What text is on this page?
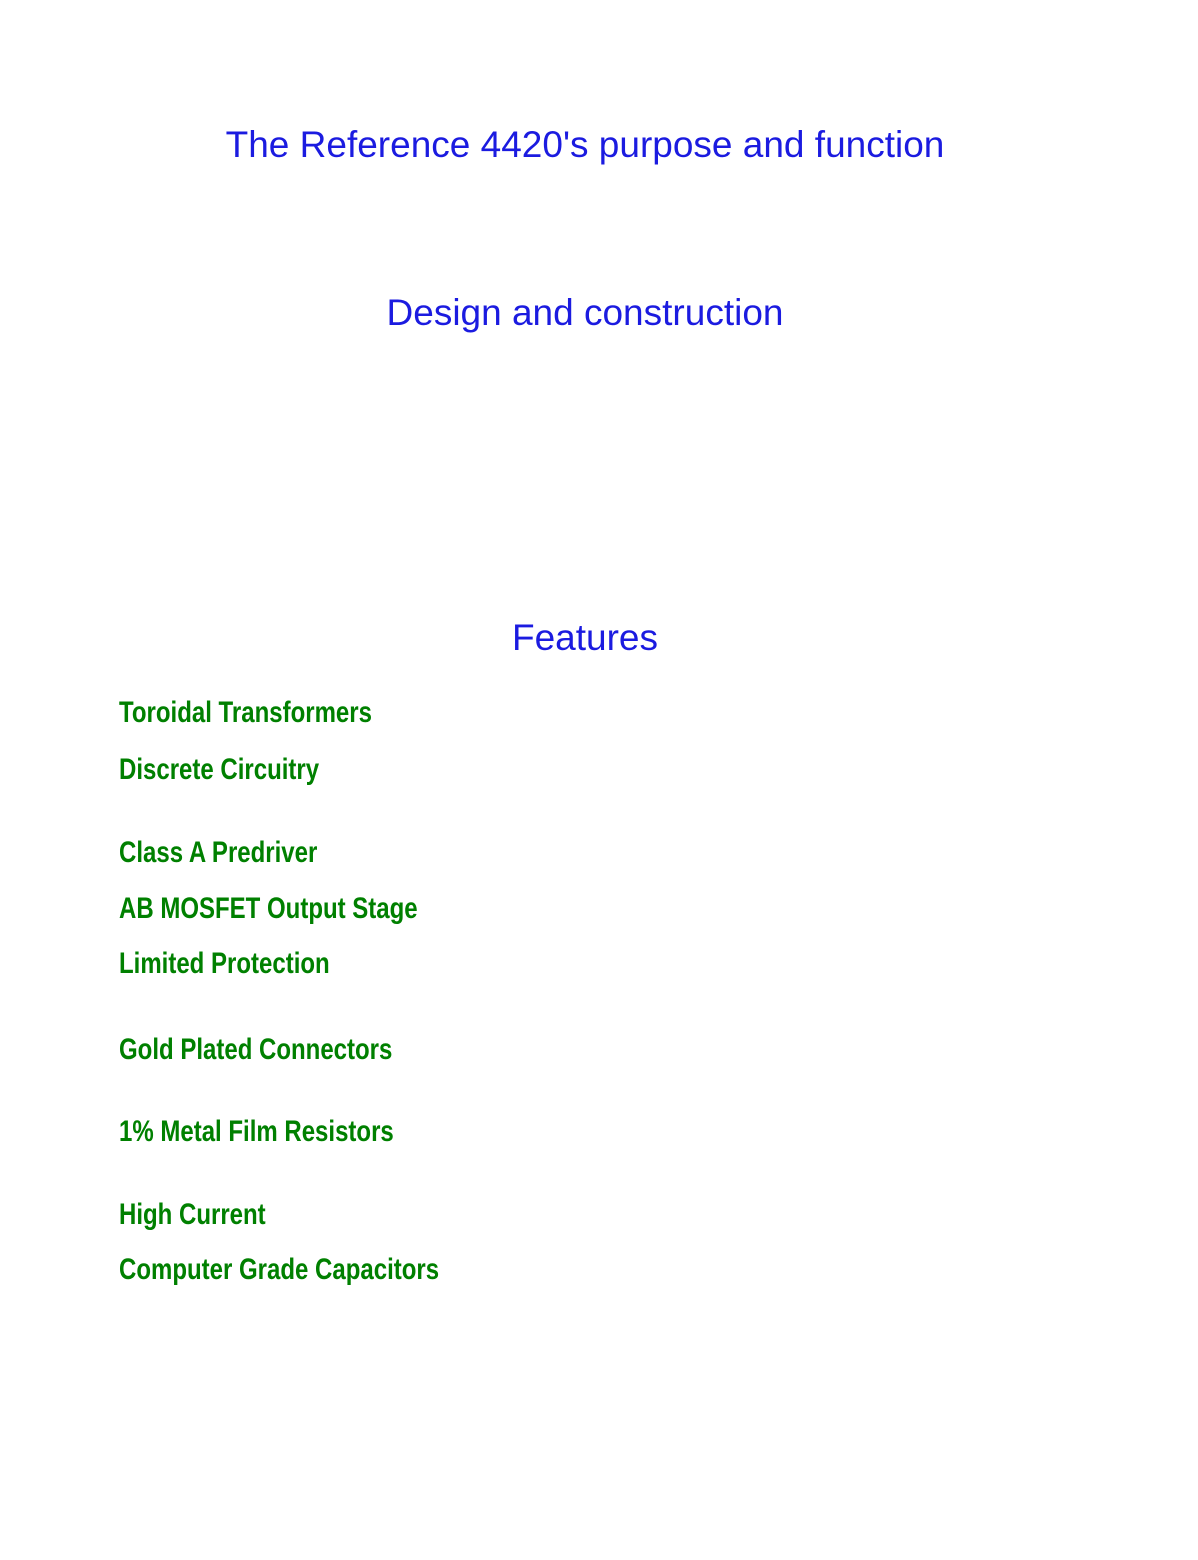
The Reference 4420's purpose and function
Design and construction
Features
Toroidal Transformers
Discrete Circuitry
Class A Predriver
AB MOSFET Output Stage
Limited Protection
Gold Plated Connectors
1% Metal Film Resistors
High Current
Computer Grade Capacitors
